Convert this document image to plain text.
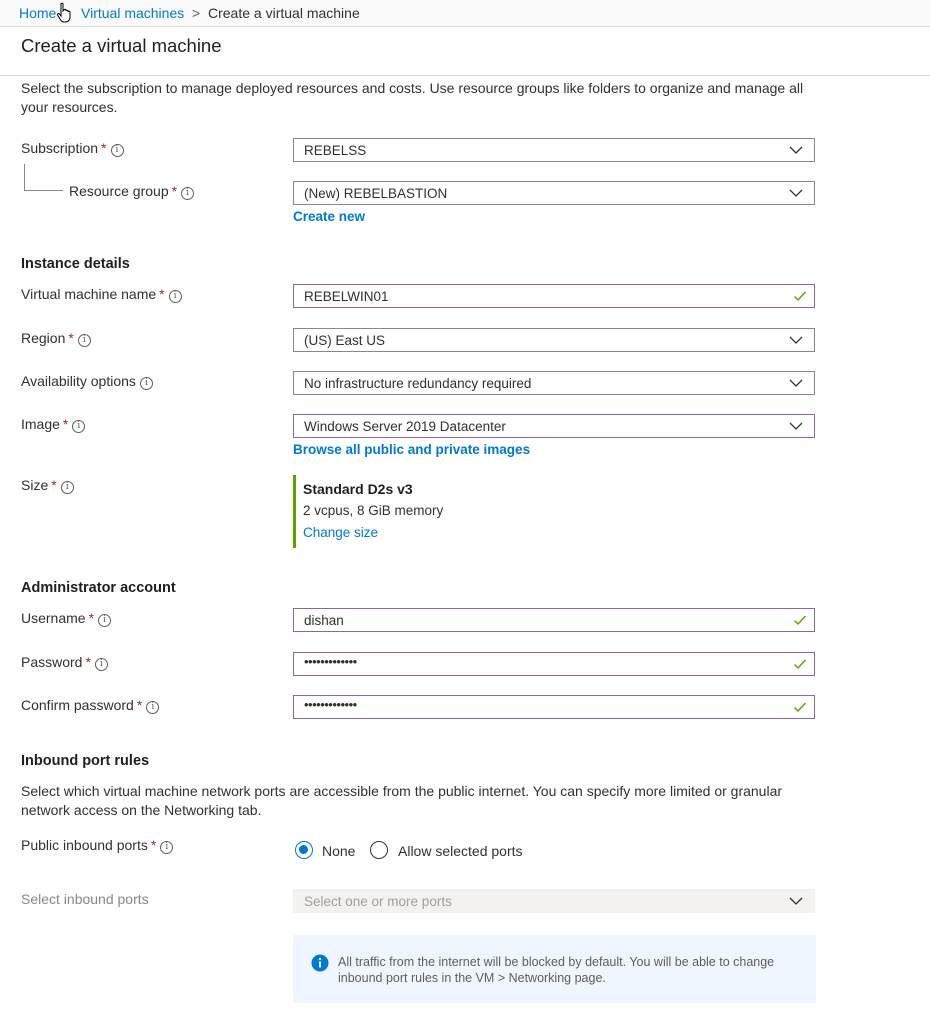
Home Virtual machines > Create a virtual machine
Create a virtual machine
Select the subscription to manage deployed resources and costs. Use resource groups like folders to organize and manage all your resources.
Subscription * i	REBELSS
Resource group * i	(New) REBELBASTION
Create new
Instance details
Virtual machine name * i	REBELWIN01
Region * i	(US) East US
Availability options i	No infrastructure redundancy required
Image * i	Windows Server 2019 Datacenter
Browse all public and private images
Size * i	Standard D2s v3
2 vcpus, 8 GiB memory
Change size
Administrator account
Username * i	dishan
Password * i	•••••••••••••
Confirm password * i	•••••••••••••
Inbound port rules
Select which virtual machine network ports are accessible from the public internet. You can specify more limited or granular network access on the Networking tab.
Public inbound ports * i	None	Allow selected ports
Select inbound ports	Select one or more ports
All traffic from the internet will be blocked by default. You will be able to change inbound port rules in the VM > Networking page.
